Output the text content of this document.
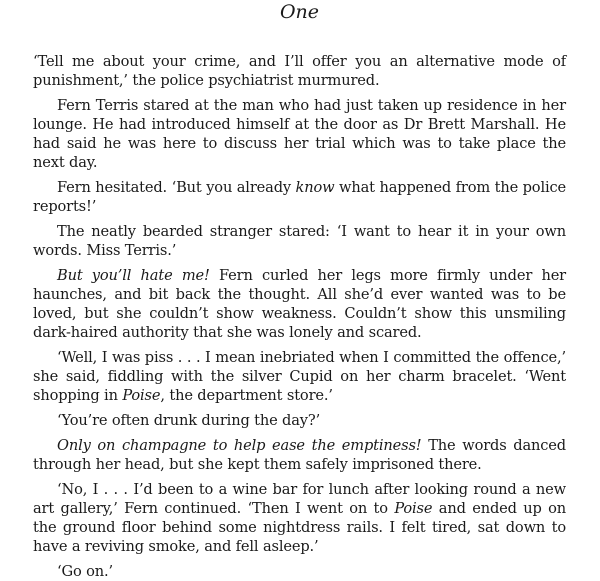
One

‘Tell me about your crime, and I’ll offer you an alternative mode of punishment,’ the police psychiatrist murmured.

Fern Terris stared at the man who had just taken up residence in her lounge. He had introduced himself at the door as Dr Brett Marshall. He had said he was here to discuss her trial which was to take place the next day.

Fern hesitated. ‘But you already know what happened from the police reports!’

The neatly bearded stranger stared: ‘I want to hear it in your own words. Miss Terris.’

But you’ll hate me! Fern curled her legs more firmly under her haunches, and bit back the thought. All she’d ever wanted was to be loved, but she couldn’t show weakness. Couldn’t show this unsmiling dark-haired authority that she was lonely and scared.

‘Well, I was piss . . . I mean inebriated when I committed the offence,’ she said, fiddling with the silver Cupid on her charm bracelet. ‘Went shopping in Poise, the department store.’

‘You’re often drunk during the day?’

Only on champagne to help ease the emptiness! The words danced through her head, but she kept them safely imprisoned there.

‘No, I . . . I’d been to a wine bar for lunch after looking round a new art gallery,’ Fern continued. ‘Then I went on to Poise and ended up on the ground floor behind some nightdress rails. I felt tired, sat down to have a reviving smoke, and fell asleep.’

‘Go on.’
